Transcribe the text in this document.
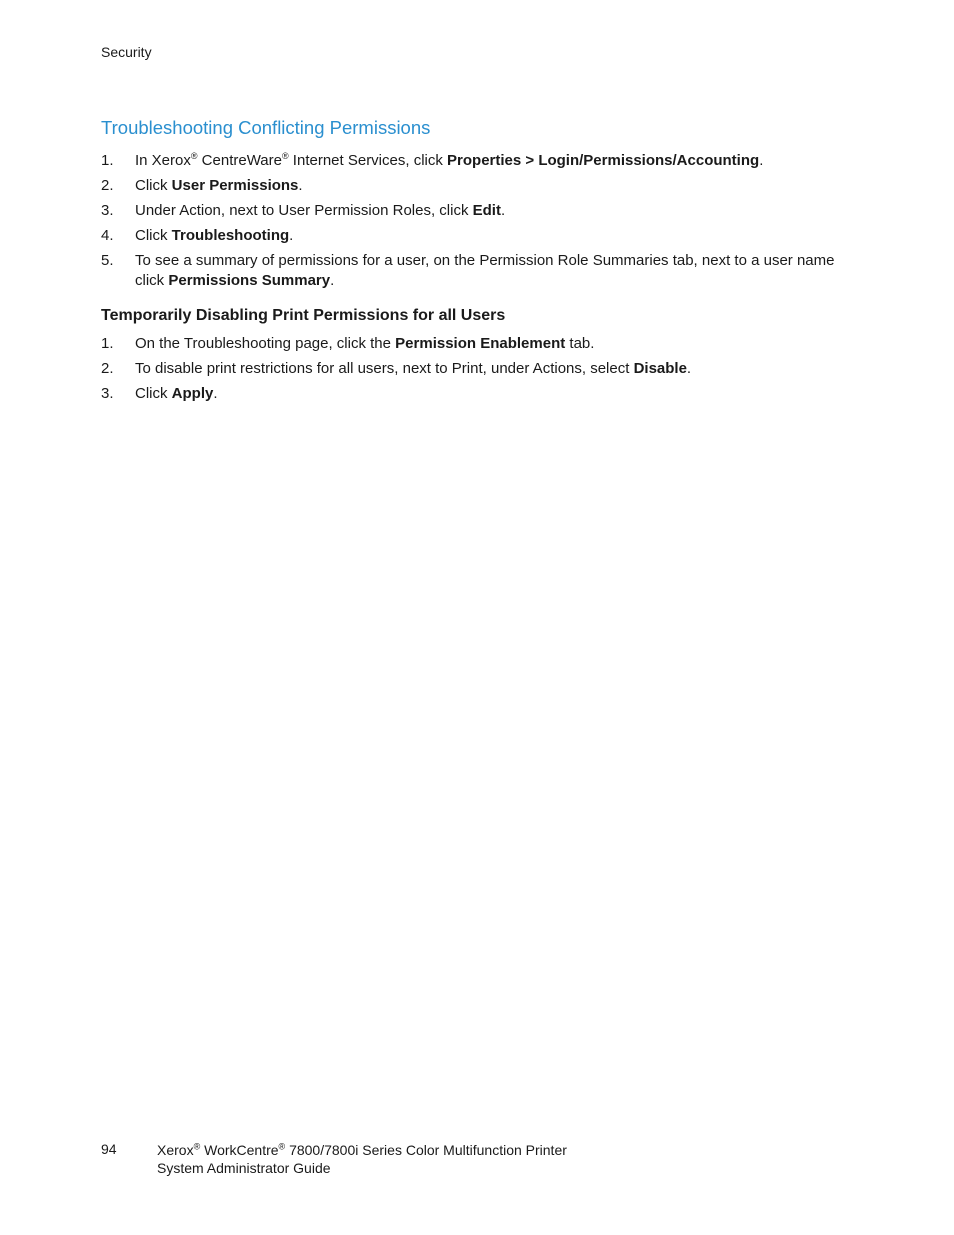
Security
Troubleshooting Conflicting Permissions
1. In Xerox® CentreWare® Internet Services, click Properties > Login/Permissions/Accounting.
2. Click User Permissions.
3. Under Action, next to User Permission Roles, click Edit.
4. Click Troubleshooting.
5. To see a summary of permissions for a user, on the Permission Role Summaries tab, next to a user name click Permissions Summary.
Temporarily Disabling Print Permissions for all Users
1. On the Troubleshooting page, click the Permission Enablement tab.
2. To disable print restrictions for all users, next to Print, under Actions, select Disable.
3. Click Apply.
94	Xerox® WorkCentre® 7800/7800i Series Color Multifunction Printer
System Administrator Guide
